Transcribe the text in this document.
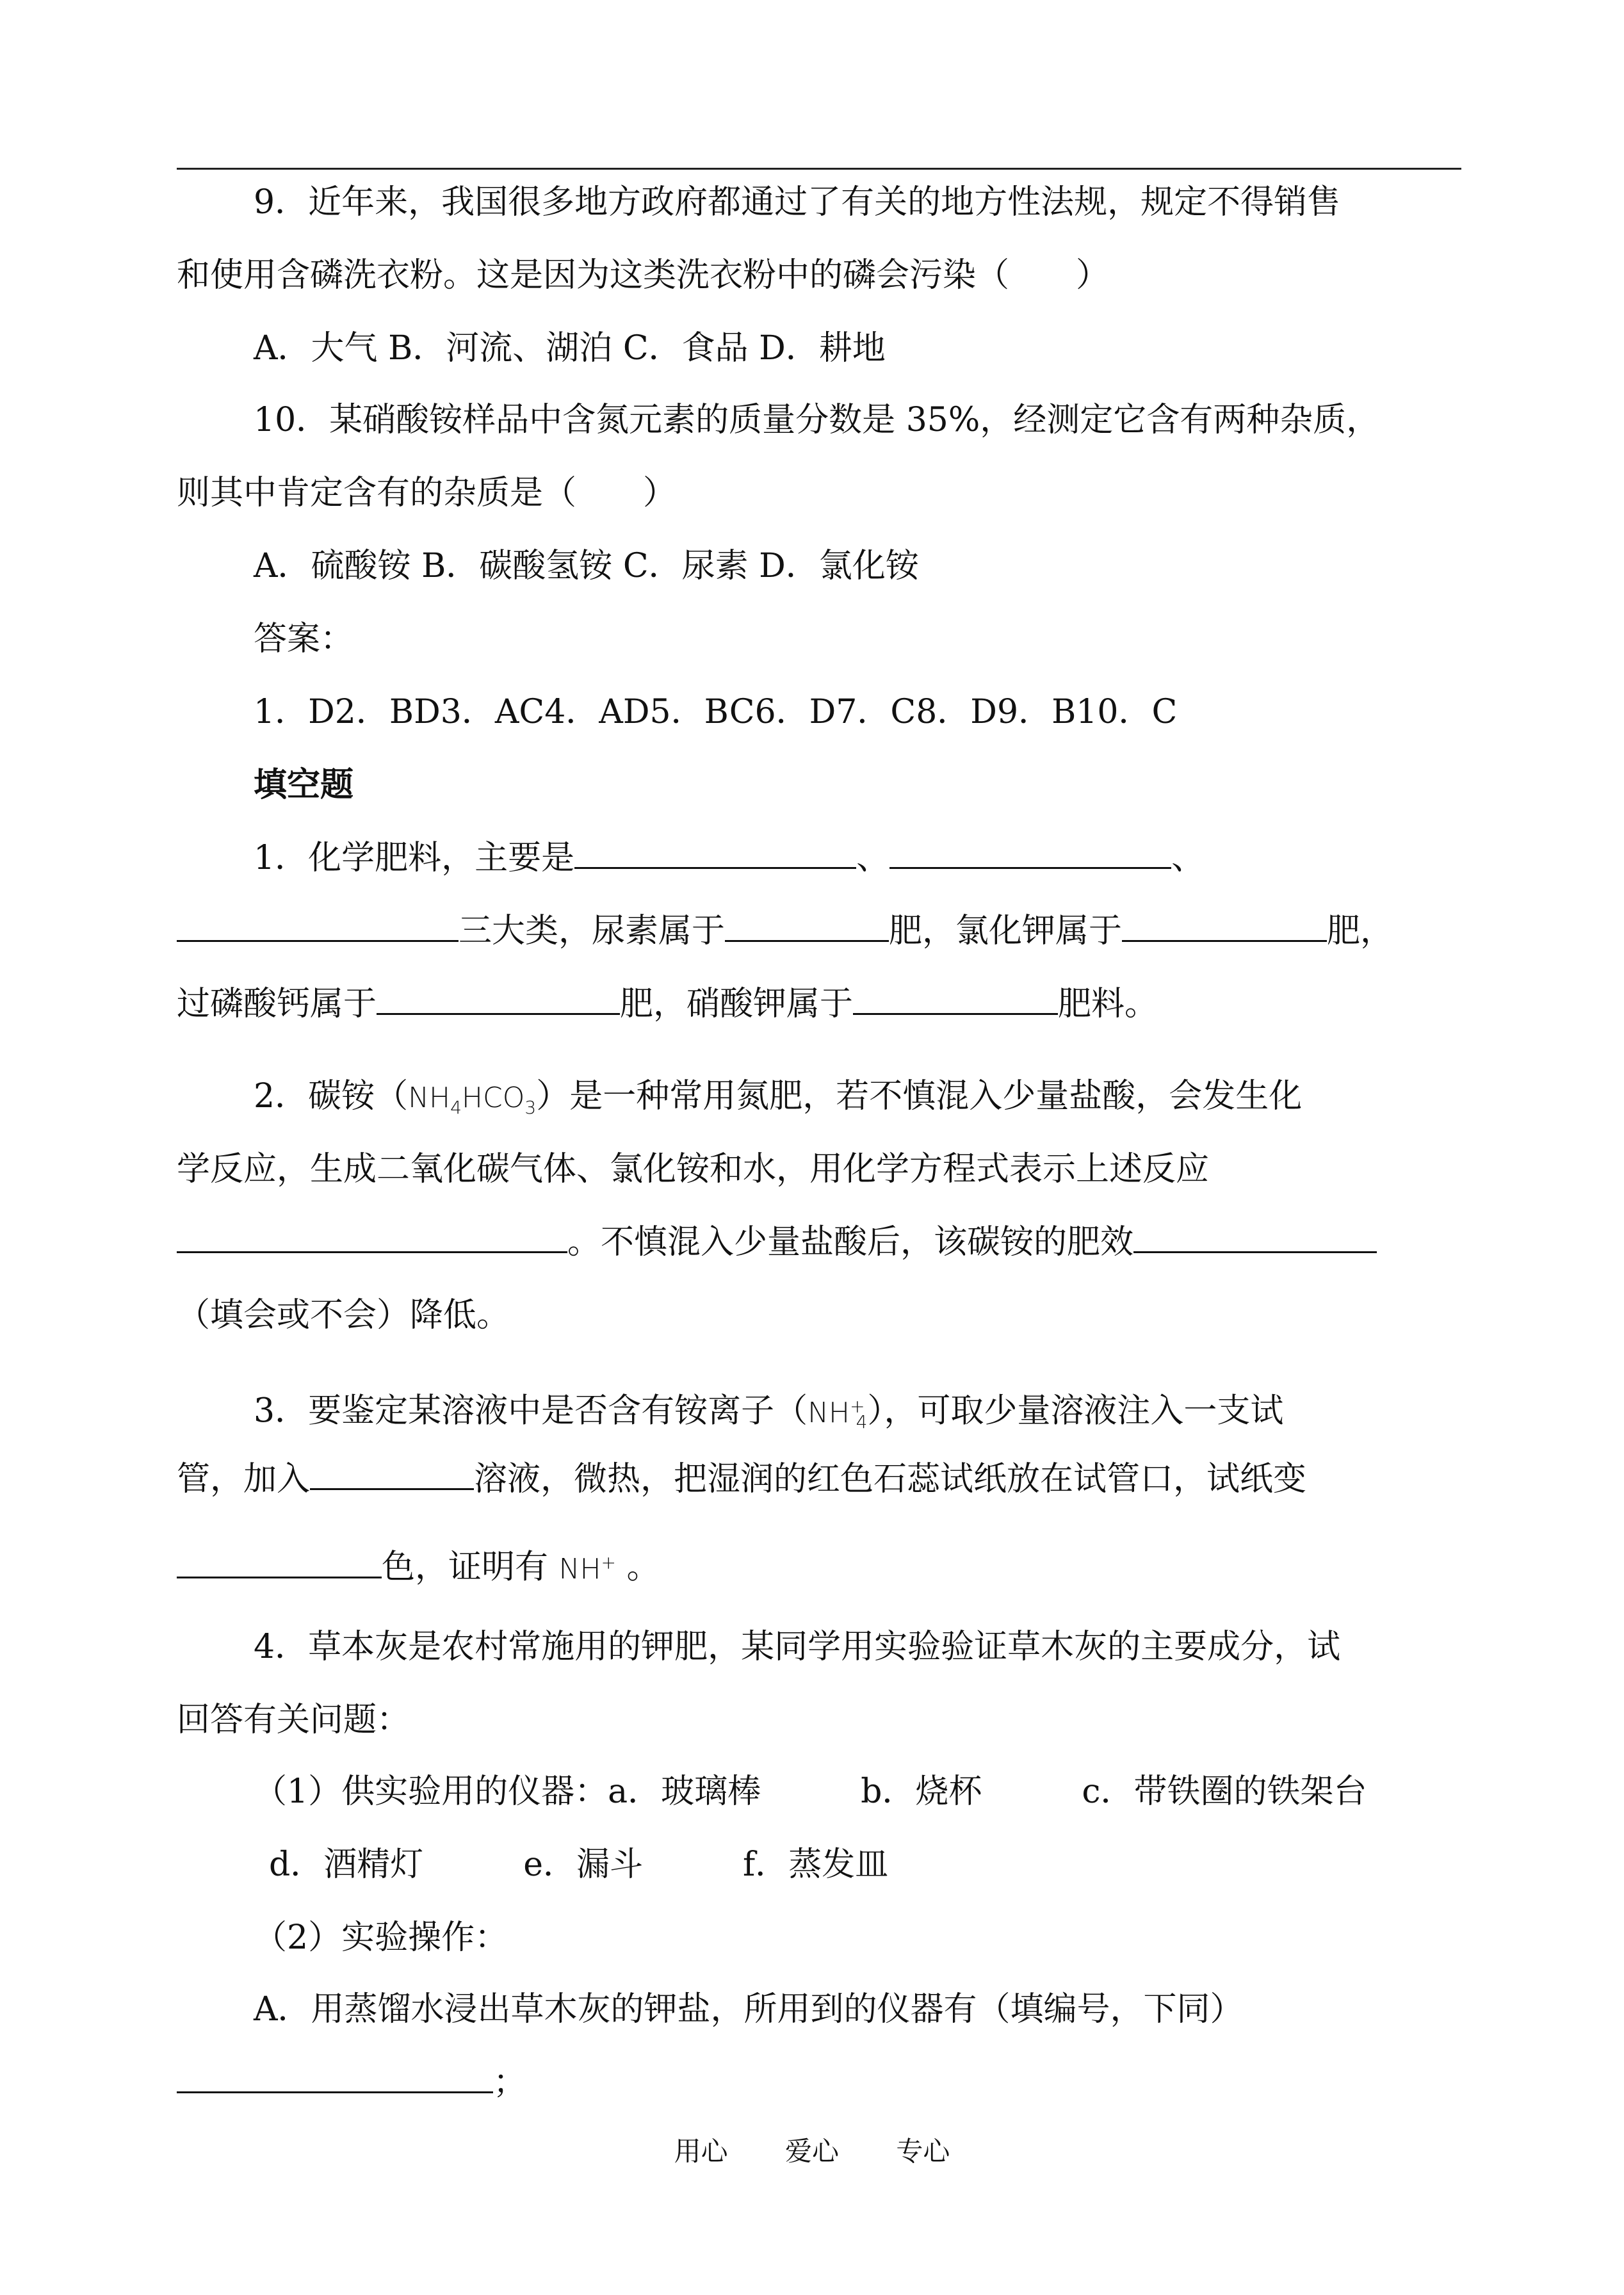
9．近年来，我国很多地方政府都通过了有关的地方性法规，规定不得销售
和使用含磷洗衣粉。这是因为这类洗衣粉中的磷会污染（　　）
A．大气 B．河流、湖泊 C．食品 D．耕地
10．某硝酸铵样品中含氮元素的质量分数是 35%，经测定它含有两种杂质，
则其中肯定含有的杂质是（　　）
A．硫酸铵 B．碳酸氢铵 C．尿素 D．氯化铵
答案：
1．D2．BD3．AC4．AD5．BC6．D7．C8．D9．B10．C
填空题
1．化学肥料，主要是	、	、
三大类，尿素属于	肥，氯化钾属于	肥，
过磷酸钙属于	肥，硝酸钾属于	肥料。
2．碳铵$(NH_4HCO_3)$是一种常用氮肥，若不慎混入少量盐酸，会发生化
学反应，生成二氧化碳气体、氯化铵和水，用化学方程式表示上述反应
。不慎混入少量盐酸后，该碳铵的肥效
（填会或不会）降低。
3．要鉴定某溶液中是否含有铵离子$(NH^+_4)$，可取少量溶液注入一支试
管，加入	溶液，微热，把湿润的红色石蕊试纸放在试管口，试纸变
色，证明有 NH+ 。
4．草本灰是农村常施用的钾肥，某同学用实验验证草木灰的主要成分，试
回答有关问题：
（1）供实验用的仪器：a．玻璃棒　　　b．烧杯　　　c．带铁圈的铁架台
d．酒精灯　　　e．漏斗　　　f．蒸发皿
（2）实验操作：
A．用蒸馏水浸出草木灰的钾盐，所用到的仪器有（填编号，下同）
；
用心 爱心 专心
